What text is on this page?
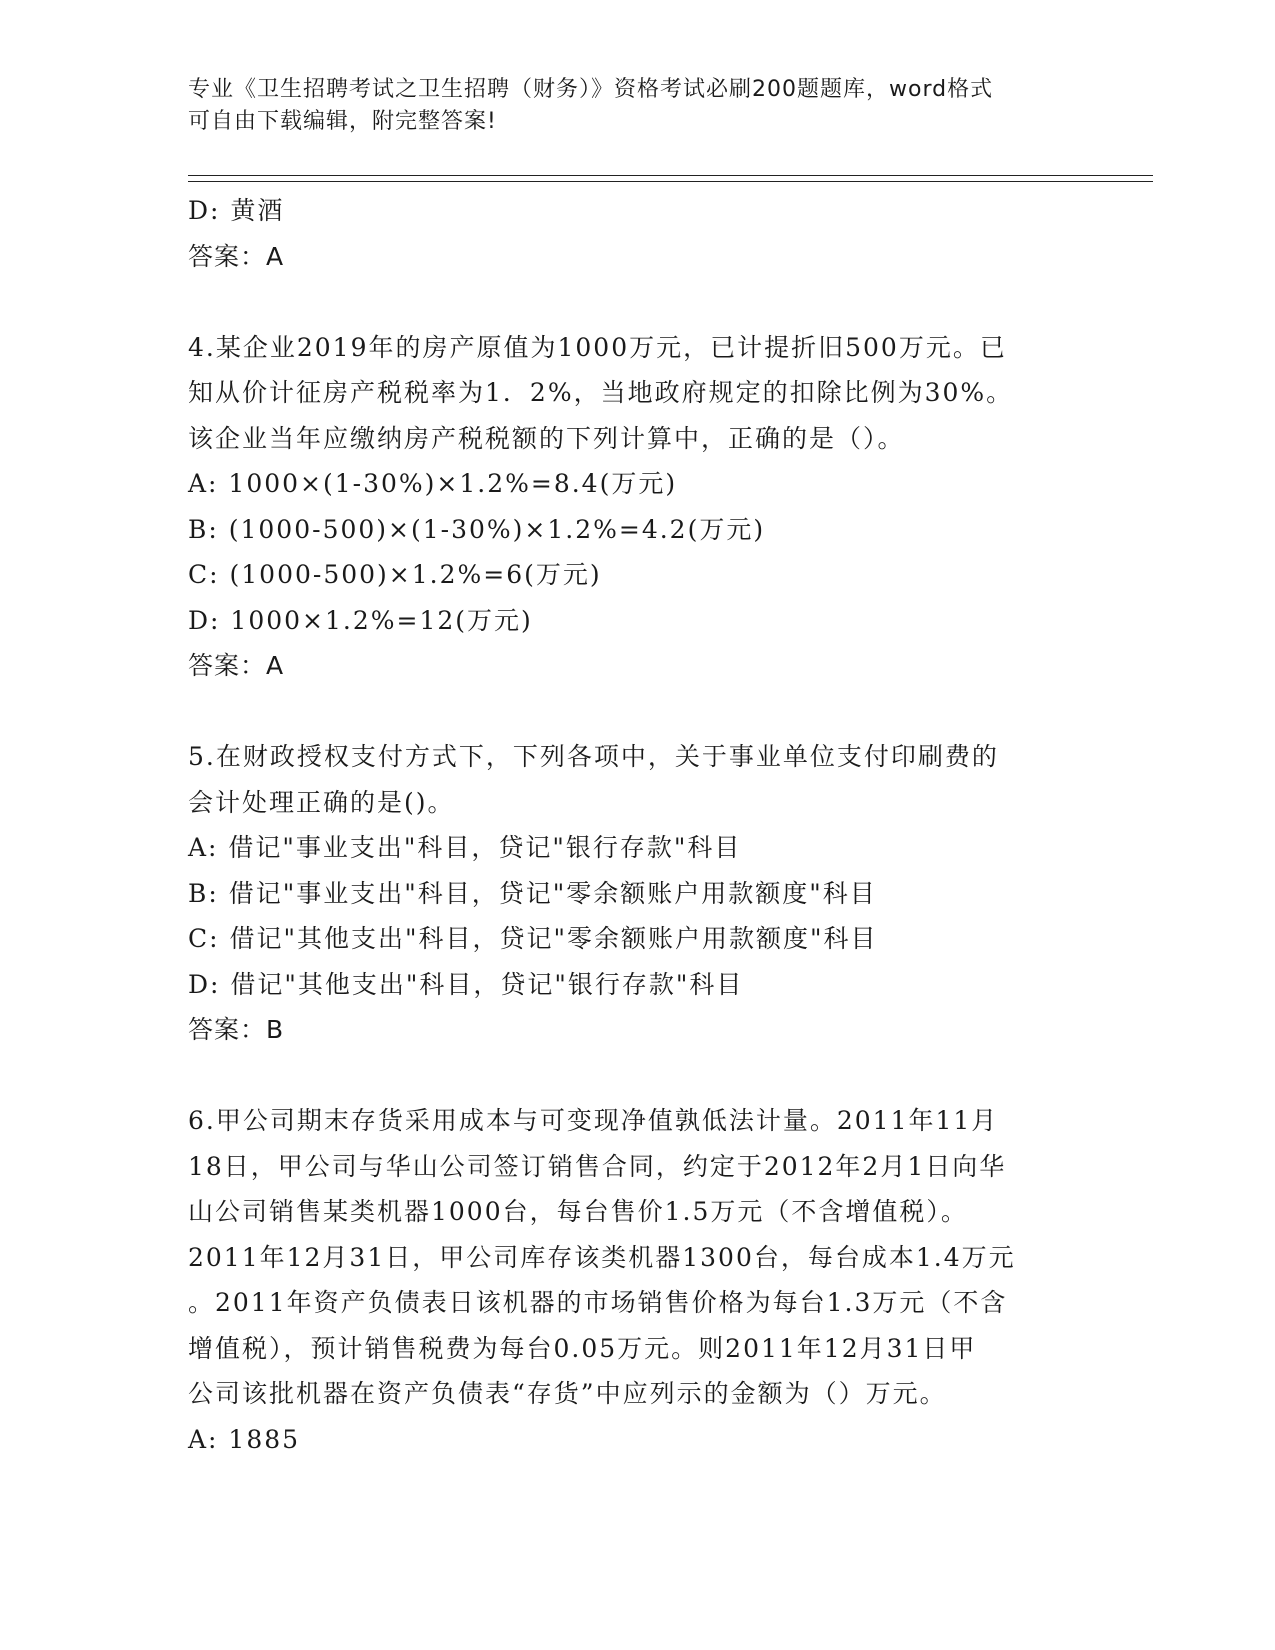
专业《卫生招聘考试之卫生招聘（财务）》资格考试必刷200题题库，word格式
可自由下载编辑，附完整答案!
D: 黄酒
答案：A
4.某企业2019年的房产原值为1000万元，已计提折旧500万元。已
知从价计征房产税税率为1．2%，当地政府规定的扣除比例为30%。
该企业当年应缴纳房产税税额的下列计算中，正确的是（）。
A: 1000×(1-30%)×1.2%=8.4(万元)
B: (1000-500)×(1-30%)×1.2%=4.2(万元)
C: (1000-500)×1.2%=6(万元)
D: 1000×1.2%=12(万元)
答案：A
5.在财政授权支付方式下，下列各项中，关于事业单位支付印刷费的
会计处理正确的是()。
A: 借记"事业支出"科目，贷记"银行存款"科目
B: 借记"事业支出"科目，贷记"零余额账户用款额度"科目
C: 借记"其他支出"科目，贷记"零余额账户用款额度"科目
D: 借记"其他支出"科目，贷记"银行存款"科目
答案：B
6.甲公司期末存货采用成本与可变现净值孰低法计量。2011年11月
18日，甲公司与华山公司签订销售合同，约定于2012年2月1日向华
山公司销售某类机器1000台，每台售价1.5万元（不含增值税）。
2011年12月31日，甲公司库存该类机器1300台，每台成本1.4万元
。2011年资产负债表日该机器的市场销售价格为每台1.3万元（不含
增值税），预计销售税费为每台0.05万元。则2011年12月31日甲
公司该批机器在资产负债表“存货”中应列示的金额为（）万元。
A: 1885
